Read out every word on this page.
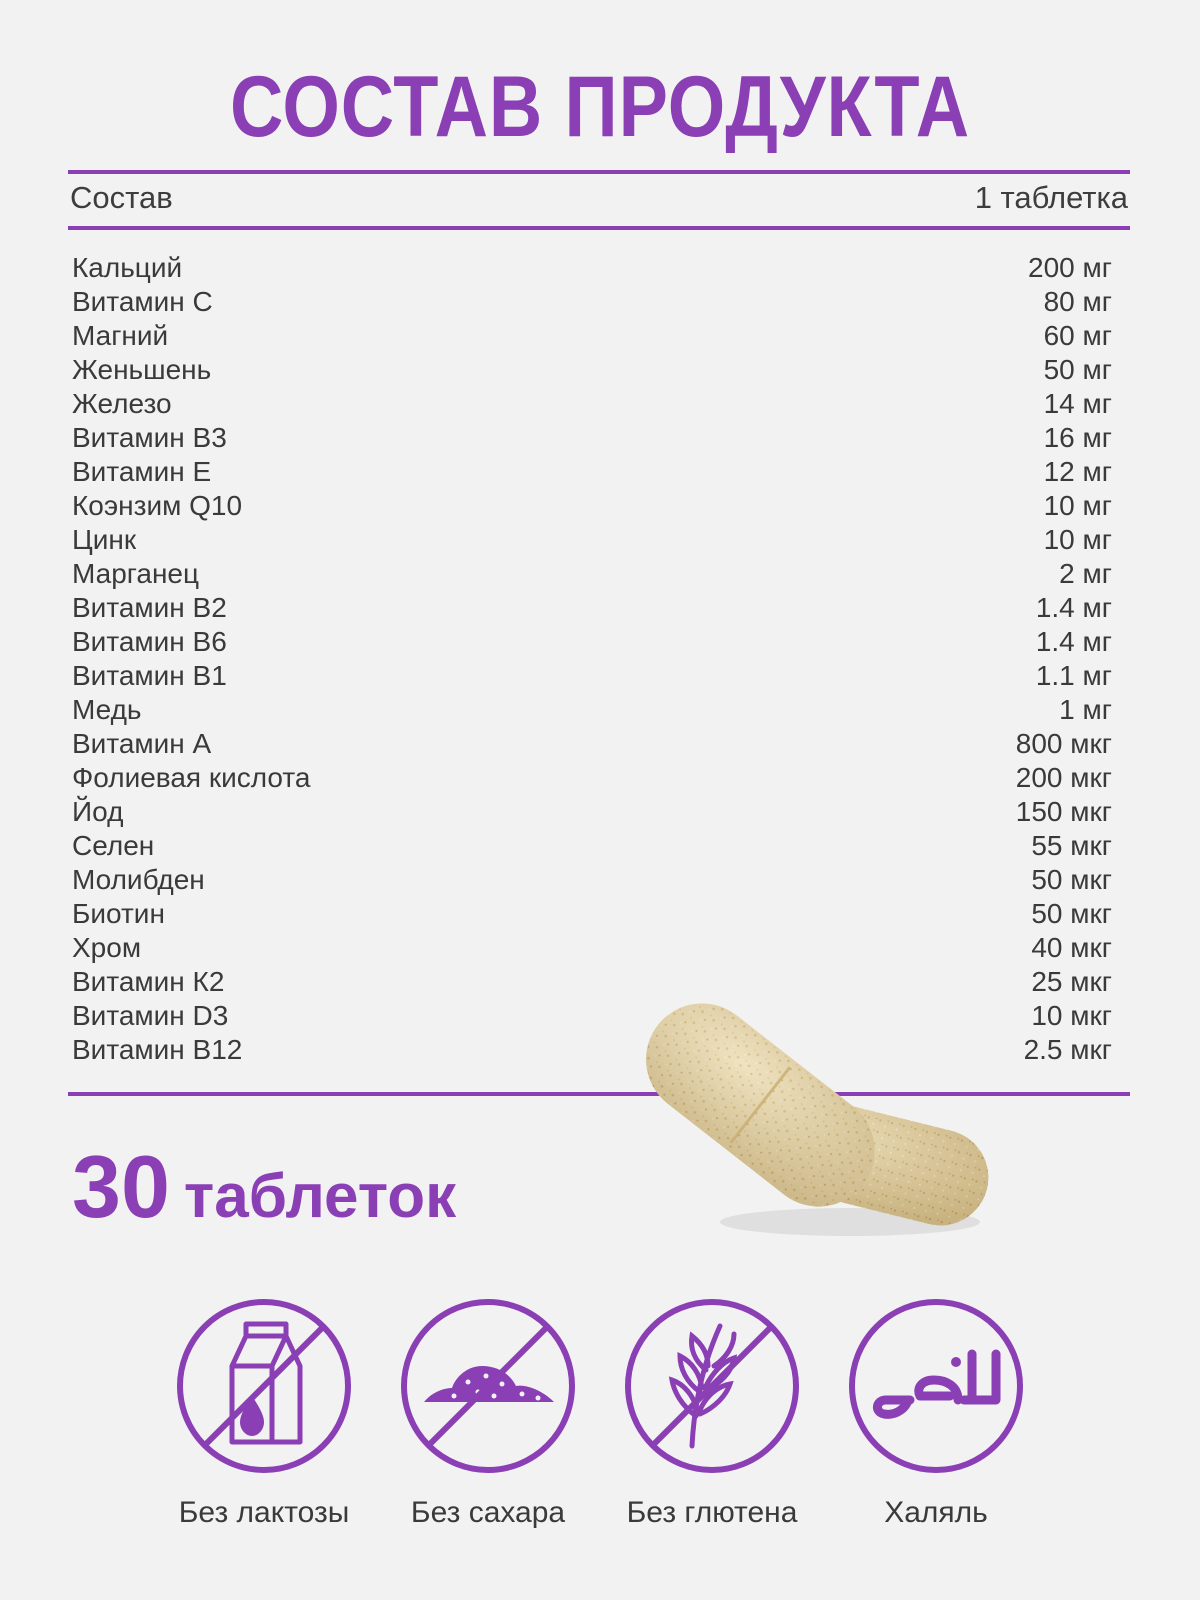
СОСТАВ ПРОДУКТА
Состав	1 таблетка
Кальций	200 мг
Витамин С	80 мг
Магний	60 мг
Женьшень	50 мг
Железо	14 мг
Витамин В3	16 мг
Витамин Е	12 мг
Коэнзим Q10	10 мг
Цинк	10 мг
Марганец	2 мг
Витамин В2	1.4 мг
Витамин В6	1.4 мг
Витамин В1	1.1 мг
Медь	1 мг
Витамин А	800 мкг
Фолиевая кислота	200 мкг
Йод	150 мкг
Селен	55 мкг
Молибден	50 мкг
Биотин	50 мкг
Хром	40 мкг
Витамин К2	25 мкг
Витамин D3	10 мкг
Витамин В12	2.5 мкг
30 таблеток
Без лактозы	Без сахара	Без глютена	Халяль
